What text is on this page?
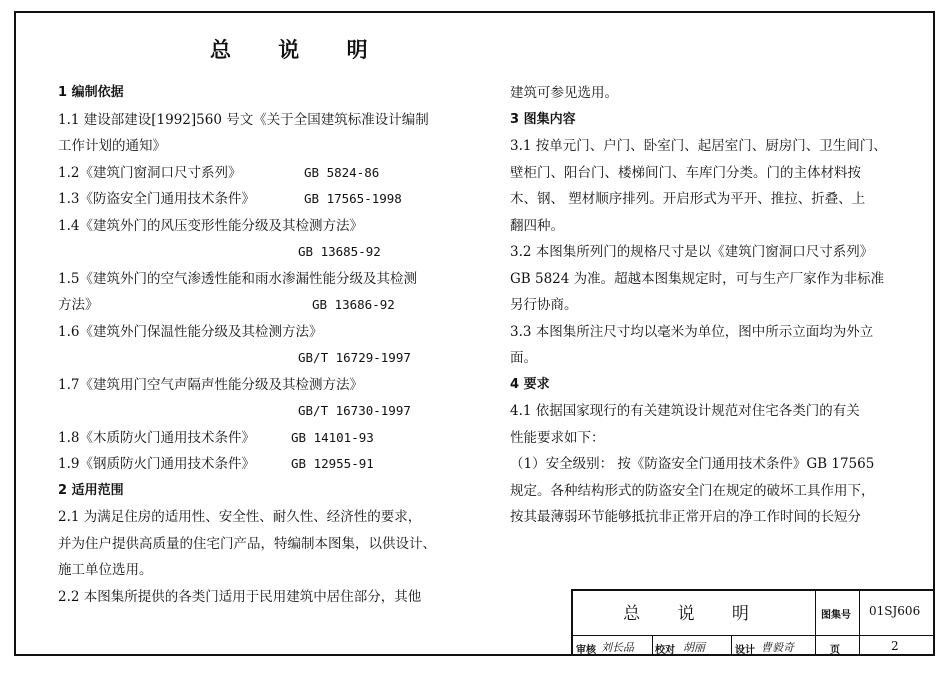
总 说 明
1 编制依据
1.1 建设部建设[1992]560 号文《关于全国建筑标准设计编制
工作计划的通知》
1.2《建筑门窗洞口尺寸系列》	GB 5824-86
1.3《防盗安全门通用技术条件》	GB 17565-1998
1.4《建筑外门的风压变形性能分级及其检测方法》
GB 13685-92
1.5《建筑外门的空气渗透性能和雨水渗漏性能分级及其检测
方法》	GB 13686-92
1.6《建筑外门保温性能分级及其检测方法》
GB/T 16729-1997
1.7《建筑用门空气声隔声性能分级及其检测方法》
GB/T 16730-1997
1.8《木质防火门通用技术条件》	GB 14101-93
1.9《钢质防火门通用技术条件》	GB 12955-91
2 适用范围
2.1 为满足住房的适用性、安全性、耐久性、经济性的要求，
并为住户提供高质量的住宅门产品，特编制本图集，以供设计、
施工单位选用。
2.2 本图集所提供的各类门适用于民用建筑中居住部分，其他
建筑可参见选用。
3 图集内容
3.1 按单元门、户门、卧室门、起居室门、厨房门、卫生间门、
壁柜门、阳台门、楼梯间门、车库门分类。门的主体材料按
木、钢、 塑材顺序排列。开启形式为平开、推拉、折叠、上
翻四种。
3.2 本图集所列门的规格尺寸是以《建筑门窗洞口尺寸系列》
GB 5824 为准。超越本图集规定时，可与生产厂家作为非标准
另行协商。
3.3 本图集所注尺寸均以毫米为单位，图中所示立面均为外立
面。
4 要求
4.1 依据国家现行的有关建筑设计规范对住宅各类门的有关
性能要求如下：
（1）安全级别： 按《防盗安全门通用技术条件》GB 17565
规定。各种结构形式的防盗安全门在规定的破坏工具作用下，
按其最薄弱环节能够抵抗非正常开启的净工作时间的长短分
总 说 明	图集号 01SJ606
页	2
审核 刘长品 校对 胡丽	设计 曹毅奇
